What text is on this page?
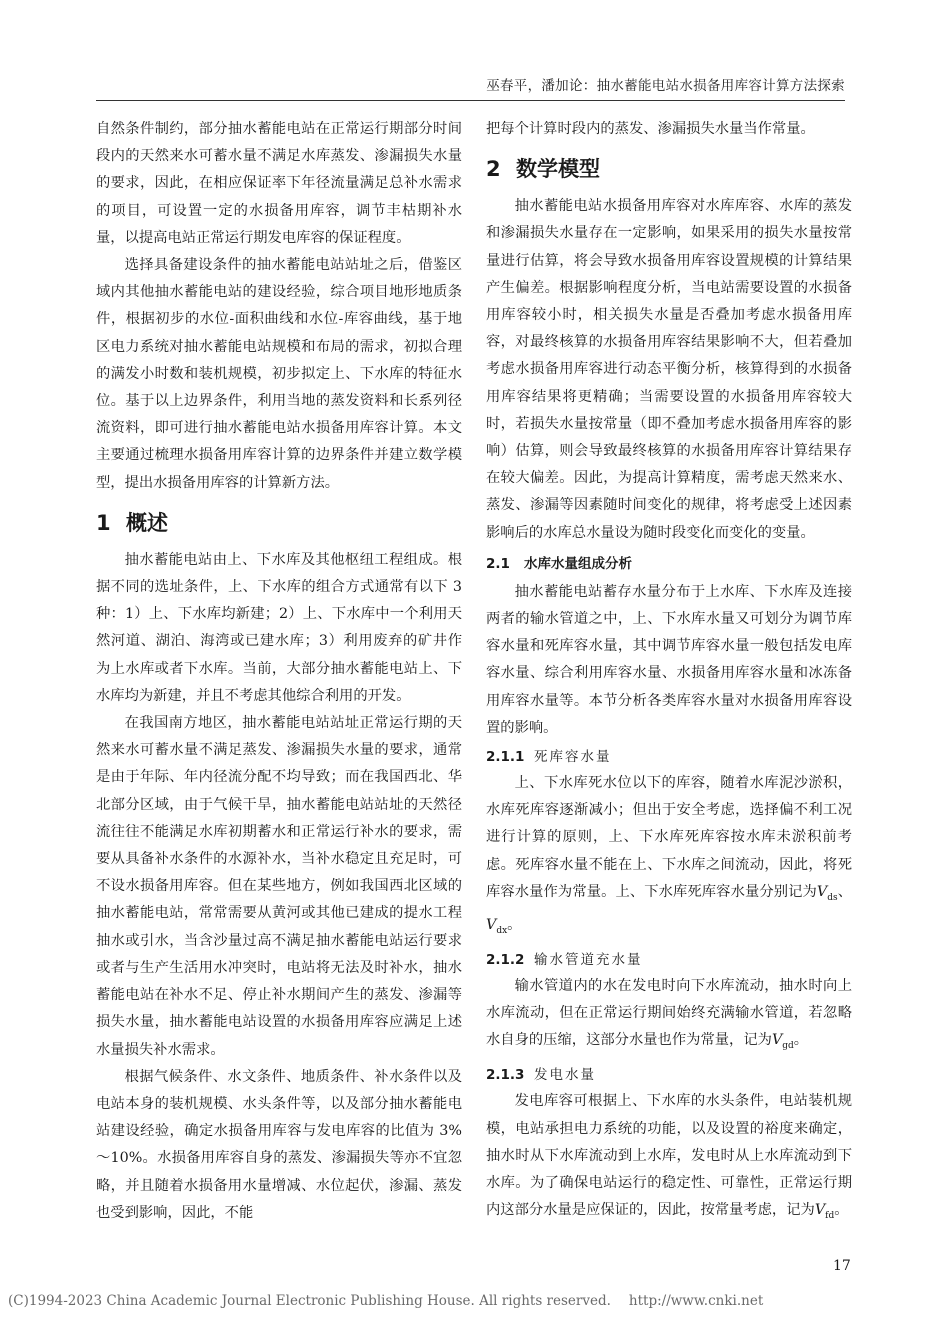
巫春平，潘加论：抽水蓄能电站水损备用库容计算方法探索

自然条件制约，部分抽水蓄能电站在正常运行期部分时间段内的天然来水可蓄水量不满足水库蒸发、渗漏损失水量的要求，因此，在相应保证率下年径流量满足总补水需求的项目，可设置一定的水损备用库容，调节丰枯期补水量，以提高电站正常运行期发电库容的保证程度。

选择具备建设条件的抽水蓄能电站站址之后，借鉴区域内其他抽水蓄能电站的建设经验，综合项目地形地质条件，根据初步的水位-面积曲线和水位-库容曲线，基于地区电力系统对抽水蓄能电站规模和布局的需求，初拟合理的满发小时数和装机规模，初步拟定上、下水库的特征水位。基于以上边界条件，利用当地的蒸发资料和长系列径流资料，即可进行抽水蓄能电站水损备用库容计算。本文主要通过梳理水损备用库容计算的边界条件并建立数学模型，提出水损备用库容的计算新方法。

1 概述

抽水蓄能电站由上、下水库及其他枢纽工程组成。根据不同的选址条件，上、下水库的组合方式通常有以下 3 种：1）上、下水库均新建；2）上、下水库中一个利用天然河道、湖泊、海湾或已建水库；3）利用废弃的矿井作为上水库或者下水库。当前，大部分抽水蓄能电站上、下水库均为新建，并且不考虑其他综合利用的开发。

在我国南方地区，抽水蓄能电站站址正常运行期的天然来水可蓄水量不满足蒸发、渗漏损失水量的要求，通常是由于年际、年内径流分配不均导致；而在我国西北、华北部分区域，由于气候干旱，抽水蓄能电站站址的天然径流往往不能满足水库初期蓄水和正常运行补水的要求，需要从具备补水条件的水源补水，当补水稳定且充足时，可不设水损备用库容。但在某些地方，例如我国西北区域的抽水蓄能电站，常常需要从黄河或其他已建成的提水工程抽水或引水，当含沙量过高不满足抽水蓄能电站运行要求或者与生产生活用水冲突时，电站将无法及时补水，抽水蓄能电站在补水不足、停止补水期间产生的蒸发、渗漏等损失水量，抽水蓄能电站设置的水损备用库容应满足上述水量损失补水需求。

根据气候条件、水文条件、地质条件、补水条件以及电站本身的装机规模、水头条件等，以及部分抽水蓄能电站建设经验，确定水损备用库容与发电库容的比值为 3%～10%。水损备用库容自身的蒸发、渗漏损失等亦不宜忽略，并且随着水损备用水量增减、水位起伏，渗漏、蒸发也受到影响，因此，不能

把每个计算时段内的蒸发、渗漏损失水量当作常量。

2 数学模型

抽水蓄能电站水损备用库容对水库库容、水库的蒸发和渗漏损失水量存在一定影响，如果采用的损失水量按常量进行估算，将会导致水损备用库容设置规模的计算结果产生偏差。根据影响程度分析，当电站需要设置的水损备用库容较小时，相关损失水量是否叠加考虑水损备用库容，对最终核算的水损备用库容结果影响不大，但若叠加考虑水损备用库容进行动态平衡分析，核算得到的水损备用库容结果将更精确；当需要设置的水损备用库容较大时，若损失水量按常量（即不叠加考虑水损备用库容的影响）估算，则会导致最终核算的水损备用库容计算结果存在较大偏差。因此，为提高计算精度，需考虑天然来水、蒸发、渗漏等因素随时间变化的规律，将考虑受上述因素影响后的水库总水量设为随时段变化而变化的变量。

2.1 水库水量组成分析

抽水蓄能电站蓄存水量分布于上水库、下水库及连接两者的输水管道之中，上、下水库水量又可划分为调节库容水量和死库容水量，其中调节库容水量一般包括发电库容水量、综合利用库容水量、水损备用库容水量和冰冻备用库容水量等。本节分析各类库容水量对水损备用库容设置的影响。

2.1.1 死库容水量

上、下水库死水位以下的库容，随着水库泥沙淤积，水库死库容逐渐减小；但出于安全考虑，选择偏不利工况进行计算的原则，上、下水库死库容按水库未淤积前考虑。死库容水量不能在上、下水库之间流动，因此，将死库容水量作为常量。上、下水库死库容水量分别记为$V_{ds}$、$V_{dx}$。

2.1.2 输水管道充水量

输水管道内的水在发电时向下水库流动，抽水时向上水库流动，但在正常运行期间始终充满输水管道，若忽略水自身的压缩，这部分水量也作为常量，记为$V_{gd}$。

2.1.3 发电水量

发电库容可根据上、下水库的水头条件，电站装机规模，电站承担电力系统的功能，以及设置的裕度来确定，抽水时从下水库流动到上水库，发电时从上水库流动到下水库。为了确保电站运行的稳定性、可靠性，正常运行期内这部分水量是应保证的，因此，按常量考虑，记为$V_{fd}$。

17
(C)1994-2023 China Academic Journal Electronic Publishing House. All rights reserved. http://www.cnki.net
